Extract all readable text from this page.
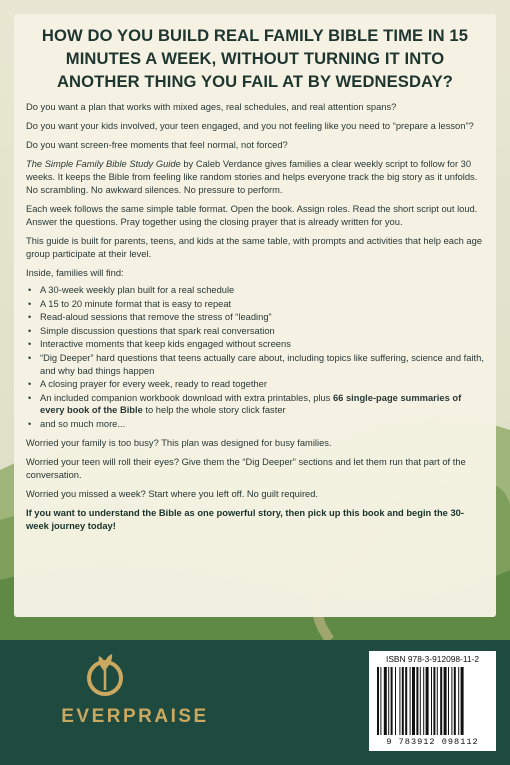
HOW DO YOU BUILD REAL FAMILY BIBLE TIME IN 15 MINUTES A WEEK, WITHOUT TURNING IT INTO ANOTHER THING YOU FAIL AT BY WEDNESDAY?

Do you want a plan that works with mixed ages, real schedules, and real attention spans?

Do you want your kids involved, your teen engaged, and you not feeling like you need to “prepare a lesson”?

Do you want screen-free moments that feel normal, not forced?

The Simple Family Bible Study Guide by Caleb Verdance gives families a clear weekly script to follow for 30 weeks. It keeps the Bible from feeling like random stories and helps everyone track the big story as it unfolds. No scrambling. No awkward silences. No pressure to perform.

Each week follows the same simple table format. Open the book. Assign roles. Read the short script out loud. Answer the questions. Pray together using the closing prayer that is already written for you.

This guide is built for parents, teens, and kids at the same table, with prompts and activities that help each age group participate at their level.

Inside, families will find:

• A 30-week weekly plan built for a real schedule
• A 15 to 20 minute format that is easy to repeat
• Read-aloud sessions that remove the stress of “leading”
• Simple discussion questions that spark real conversation
• Interactive moments that keep kids engaged without screens
• “Dig Deeper” hard questions that teens actually care about, including topics like suffering, science and faith, and why bad things happen
• A closing prayer for every week, ready to read together
• An included companion workbook download with extra printables, plus 66 single-page summaries of every book of the Bible to help the whole story click faster
• and so much more...

Worried your family is too busy? This plan was designed for busy families.

Worried your teen will roll their eyes? Give them the “Dig Deeper” sections and let them run that part of the conversation.

Worried you missed a week? Start where you left off. No guilt required.

If you want to understand the Bible as one powerful story, then pick up this book and begin the 30-week journey today!

EVERPRAISE
ISBN 978-3-912098-11-2
9 783912 098112
